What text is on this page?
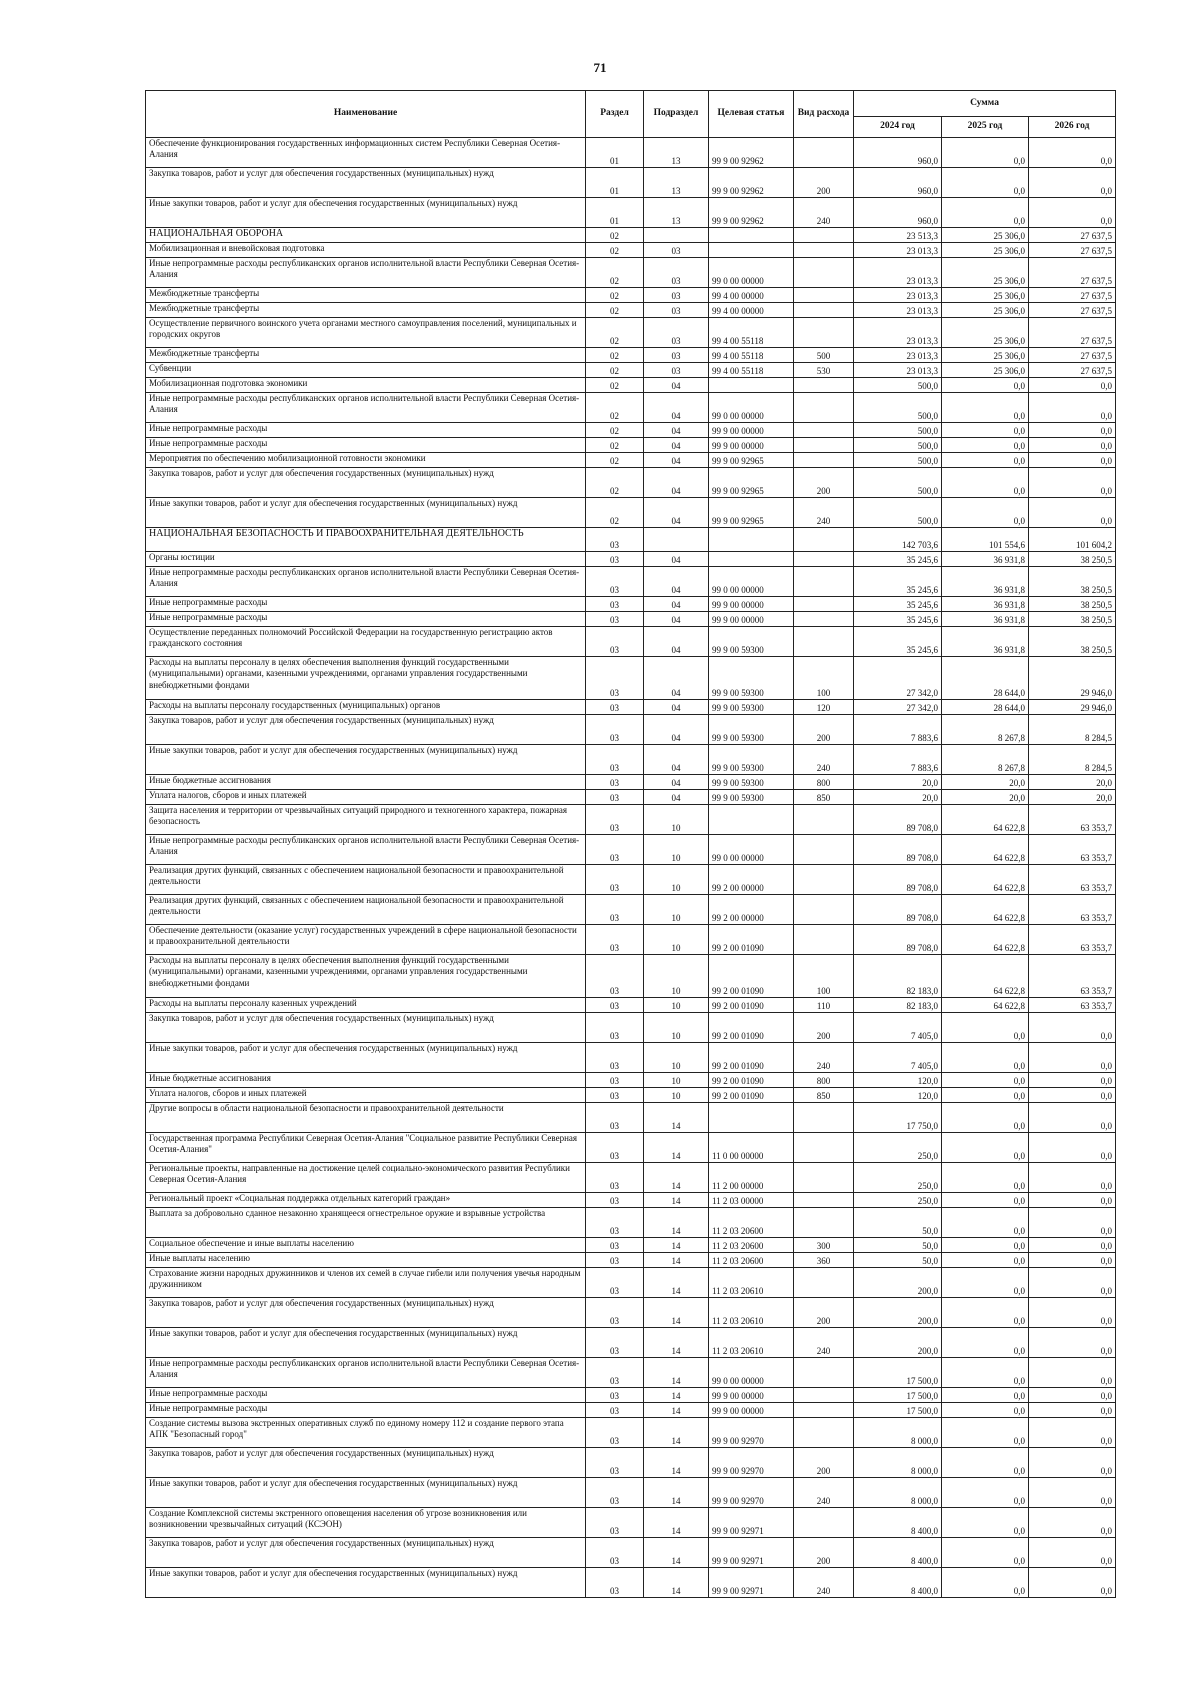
71
Наименование	Раздел	Подраздел	Целевая статья	Вид расхода	Сумма		
					2024 год	2025 год	2026 год
Обеспечение функционирования государственных информационных систем Республики Северная Осетия-Алания	01	13	99 9 00 92962		960,0	0,0	0,0
Закупка товаров, работ и услуг для обеспечения государственных (муниципальных) нужд	01	13	99 9 00 92962	200	960,0	0,0	0,0
Иные закупки товаров, работ и услуг для обеспечения государственных (муниципальных) нужд	01	13	99 9 00 92962	240	960,0	0,0	0,0
НАЦИОНАЛЬНАЯ ОБОРОНА	02				23 513,3	25 306,0	27 637,5
Мобилизационная и вневойсковая подготовка	02	03			23 013,3	25 306,0	27 637,5
Иные непрограммные расходы республиканских органов исполнительной власти Республики Северная Осетия-Алания	02	03	99 0 00 00000		23 013,3	25 306,0	27 637,5
Межбюджетные трансферты	02	03	99 4 00 00000		23 013,3	25 306,0	27 637,5
Межбюджетные трансферты	02	03	99 4 00 00000		23 013,3	25 306,0	27 637,5
Осуществление первичного воинского учета органами местного самоуправления поселений, муниципальных и городских округов	02	03	99 4 00 55118		23 013,3	25 306,0	27 637,5
Межбюджетные трансферты	02	03	99 4 00 55118	500	23 013,3	25 306,0	27 637,5
Субвенции	02	03	99 4 00 55118	530	23 013,3	25 306,0	27 637,5
Мобилизационная подготовка экономики	02	04			500,0	0,0	0,0
Иные непрограммные расходы республиканских органов исполнительной власти Республики Северная Осетия-Алания	02	04	99 0 00 00000		500,0	0,0	0,0
Иные непрограммные расходы	02	04	99 9 00 00000		500,0	0,0	0,0
Иные непрограммные расходы	02	04	99 9 00 00000		500,0	0,0	0,0
Мероприятия по обеспечению мобилизационной готовности экономики	02	04	99 9 00 92965		500,0	0,0	0,0
Закупка товаров, работ и услуг для обеспечения государственных (муниципальных) нужд	02	04	99 9 00 92965	200	500,0	0,0	0,0
Иные закупки товаров, работ и услуг для обеспечения государственных (муниципальных) нужд	02	04	99 9 00 92965	240	500,0	0,0	0,0
НАЦИОНАЛЬНАЯ БЕЗОПАСНОСТЬ И ПРАВООХРАНИТЕЛЬНАЯ ДЕЯТЕЛЬНОСТЬ	03				142 703,6	101 554,6	101 604,2
Органы юстиции	03	04			35 245,6	36 931,8	38 250,5
Иные непрограммные расходы республиканских органов исполнительной власти Республики Северная Осетия-Алания	03	04	99 0 00 00000		35 245,6	36 931,8	38 250,5
Иные непрограммные расходы	03	04	99 9 00 00000		35 245,6	36 931,8	38 250,5
Иные непрограммные расходы	03	04	99 9 00 00000		35 245,6	36 931,8	38 250,5
Осуществление переданных полномочий Российской Федерации на государственную регистрацию актов гражданского состояния	03	04	99 9 00 59300		35 245,6	36 931,8	38 250,5
Расходы на выплаты персоналу в целях обеспечения выполнения функций государственными (муниципальными) органами, казенными учреждениями, органами управления государственными внебюджетными фондами	03	04	99 9 00 59300	100	27 342,0	28 644,0	29 946,0
Расходы на выплаты персоналу государственных (муниципальных) органов	03	04	99 9 00 59300	120	27 342,0	28 644,0	29 946,0
Закупка товаров, работ и услуг для обеспечения государственных (муниципальных) нужд	03	04	99 9 00 59300	200	7 883,6	8 267,8	8 284,5
Иные закупки товаров, работ и услуг для обеспечения государственных (муниципальных) нужд	03	04	99 9 00 59300	240	7 883,6	8 267,8	8 284,5
Иные бюджетные ассигнования	03	04	99 9 00 59300	800	20,0	20,0	20,0
Уплата налогов, сборов и иных платежей	03	04	99 9 00 59300	850	20,0	20,0	20,0
Защита населения и территории от чрезвычайных ситуаций природного и техногенного характера, пожарная безопасность	03	10			89 708,0	64 622,8	63 353,7
Иные непрограммные расходы республиканских органов исполнительной власти Республики Северная Осетия-Алания	03	10	99 0 00 00000		89 708,0	64 622,8	63 353,7
Реализация других функций, связанных с обеспечением национальной безопасности и правоохранительной деятельности	03	10	99 2 00 00000		89 708,0	64 622,8	63 353,7
Реализация других функций, связанных с обеспечением национальной безопасности и правоохранительной деятельности	03	10	99 2 00 00000		89 708,0	64 622,8	63 353,7
Обеспечение деятельности (оказание услуг) государственных учреждений в сфере национальной безопасности и правоохранительной деятельности	03	10	99 2 00 01090		89 708,0	64 622,8	63 353,7
Расходы на выплаты персоналу в целях обеспечения выполнения функций государственными (муниципальными) органами, казенными учреждениями, органами управления государственными внебюджетными фондами	03	10	99 2 00 01090	100	82 183,0	64 622,8	63 353,7
Расходы на выплаты персоналу казенных учреждений	03	10	99 2 00 01090	110	82 183,0	64 622,8	63 353,7
Закупка товаров, работ и услуг для обеспечения государственных (муниципальных) нужд	03	10	99 2 00 01090	200	7 405,0	0,0	0,0
Иные закупки товаров, работ и услуг для обеспечения государственных (муниципальных) нужд	03	10	99 2 00 01090	240	7 405,0	0,0	0,0
Иные бюджетные ассигнования	03	10	99 2 00 01090	800	120,0	0,0	0,0
Уплата налогов, сборов и иных платежей	03	10	99 2 00 01090	850	120,0	0,0	0,0
Другие вопросы в области национальной безопасности и правоохранительной деятельности	03	14			17 750,0	0,0	0,0
Государственная программа Республики Северная Осетия-Алания "Социальное развитие Республики Северная Осетия-Алания"	03	14	11 0 00 00000		250,0	0,0	0,0
Региональные проекты, направленные на достижение целей социально-экономического развития Республики Северная Осетия-Алания	03	14	11 2 00 00000		250,0	0,0	0,0
Региональный проект «Социальная поддержка отдельных категорий граждан»	03	14	11 2 03 00000		250,0	0,0	0,0
Выплата за добровольно сданное незаконно хранящееся огнестрельное оружие и взрывные устройства	03	14	11 2 03 20600		50,0	0,0	0,0
Социальное обеспечение и иные выплаты населению	03	14	11 2 03 20600	300	50,0	0,0	0,0
Иные выплаты населению	03	14	11 2 03 20600	360	50,0	0,0	0,0
Страхование жизни народных дружинников и членов их семей в случае гибели или получения увечья народным дружинником	03	14	11 2 03 20610		200,0	0,0	0,0
Закупка товаров, работ и услуг для обеспечения государственных (муниципальных) нужд	03	14	11 2 03 20610	200	200,0	0,0	0,0
Иные закупки товаров, работ и услуг для обеспечения государственных (муниципальных) нужд	03	14	11 2 03 20610	240	200,0	0,0	0,0
Иные непрограммные расходы республиканских органов исполнительной власти Республики Северная Осетия-Алания	03	14	99 0 00 00000		17 500,0	0,0	0,0
Иные непрограммные расходы	03	14	99 9 00 00000		17 500,0	0,0	0,0
Иные непрограммные расходы	03	14	99 9 00 00000		17 500,0	0,0	0,0
Создание системы вызова экстренных оперативных служб по единому номеру 112 и создание первого этапа АПК "Безопасный город"	03	14	99 9 00 92970		8 000,0	0,0	0,0
Закупка товаров, работ и услуг для обеспечения государственных (муниципальных) нужд	03	14	99 9 00 92970	200	8 000,0	0,0	0,0
Иные закупки товаров, работ и услуг для обеспечения государственных (муниципальных) нужд	03	14	99 9 00 92970	240	8 000,0	0,0	0,0
Создание Комплексной системы экстренного оповещения населения об угрозе возникновения или возникновении чрезвычайных ситуаций (КСЭОН)	03	14	99 9 00 92971		8 400,0	0,0	0,0
Закупка товаров, работ и услуг для обеспечения государственных (муниципальных) нужд	03	14	99 9 00 92971	200	8 400,0	0,0	0,0
Иные закупки товаров, работ и услуг для обеспечения государственных (муниципальных) нужд	03	14	99 9 00 92971	240	8 400,0	0,0	0,0
